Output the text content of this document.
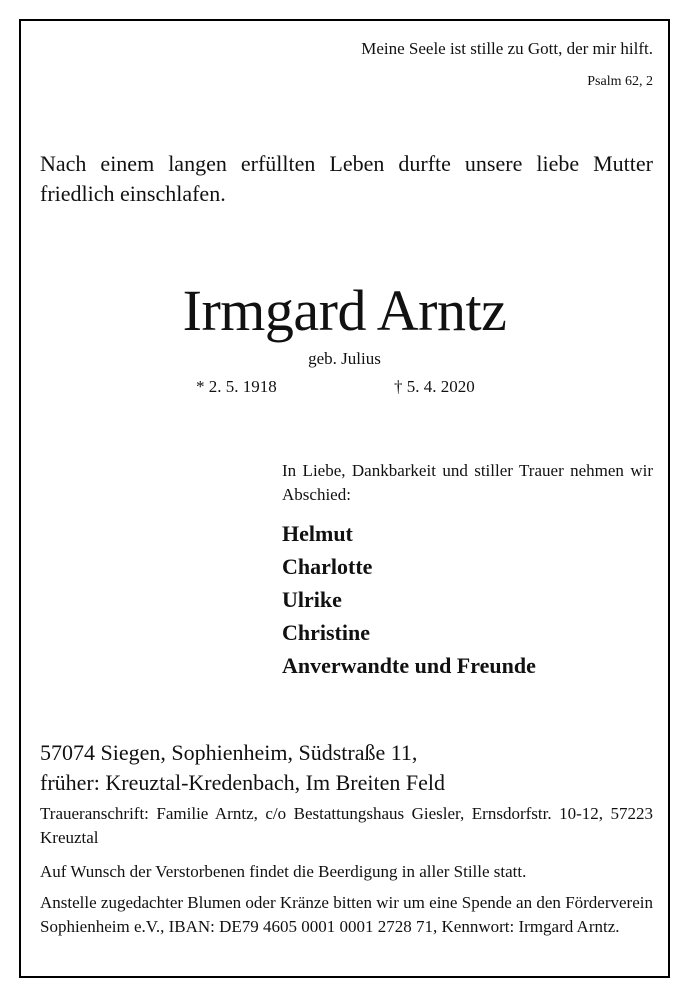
Meine Seele ist stille zu Gott, der mir hilft.
Psalm 62, 2
Nach einem langen erfüllten Leben durfte unsere liebe Mutter friedlich einschlafen.
Irmgard Arntz
geb. Julius
* 2. 5. 1918	† 5. 4. 2020
In Liebe, Dankbarkeit und stiller Trauer nehmen wir Abschied:
Helmut
Charlotte
Ulrike
Christine
Anverwandte und Freunde
57074 Siegen, Sophienheim, Südstraße 11,
früher: Kreuztal-Kredenbach, Im Breiten Feld
Traueranschrift: Familie Arntz, c/o Bestattungshaus Giesler, Ernsdorfstr. 10-12, 57223 Kreuztal
Auf Wunsch der Verstorbenen findet die Beerdigung in aller Stille statt.
Anstelle zugedachter Blumen oder Kränze bitten wir um eine Spende an den Förderverein Sophienheim e.V., IBAN: DE79 4605 0001 0001 2728 71, Kennwort: Irmgard Arntz.
